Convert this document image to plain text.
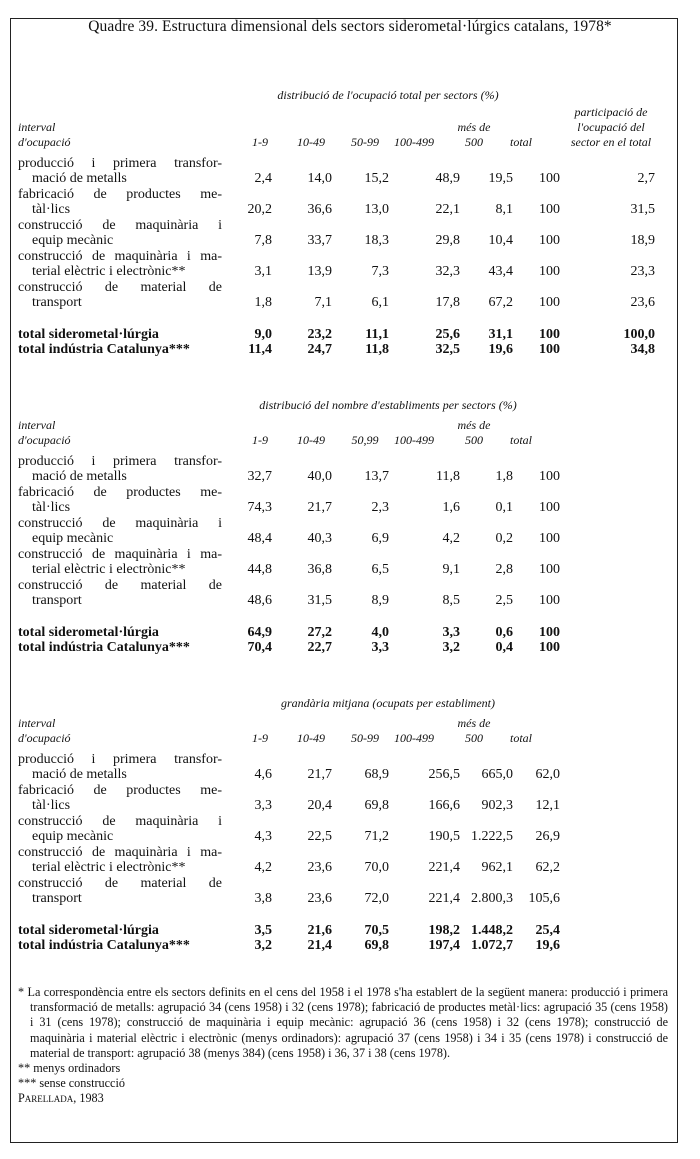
Quadre 39. Estructura dimensional dels sectors siderometal·lúrgics catalans, 1978*
distribució de l'ocupació total per sectors (%)
interval
d'ocupació	1-9	10-49	50-99	100-499
més de
500	total
participació de
l'ocupació del
sector en el total
producció i primera transfor-
mació de metalls	2,4	14,0 15,2	48,9 19,5 100	2,7
fabricació de productes me-
tàl·lics	20,2	36,6 13,0	22,1	8,1 100	31,5
construcció de maquinària i
equip mecànic	7,8	33,7 18,3	29,8 10,4 100	18,9
construcció de maquinària i ma-
terial elèctric i electrònic**	3,1	13,9	7,3	32,3 43,4 100	23,3
construcció de material de
transport	1,8	7,1	6,1	17,8 67,2 100	23,6
total siderometal·lúrgia	9,0	23,2 11,1	25,6 31,1 100	100,0
total indústria Catalunya***	11,4	24,7 11,8	32,5 19,6 100	34,8
distribució del nombre d'establiments per sectors (%)
interval
d'ocupació	1-9	10-49	50,99	100-499
més de
500	total
producció i primera transfor-
mació de metalls	32,7	40,0 13,7	11,8	1,8 100
fabricació de productes me-
tàl·lics	74,3	21,7	2,3	1,6	0,1 100
construcció de maquinària i
equip mecànic	48,4	40,3	6,9	4,2	0,2 100
construcció de maquinària i ma-
terial elèctric i electrònic**	44,8	36,8	6,5	9,1	2,8 100
construcció de material de
transport	48,6	31,5	8,9	8,5	2,5 100
total siderometal·lúrgia	64,9	27,2	4,0	3,3	0,6 100
total indústria Catalunya***	70,4	22,7	3,3	3,2	0,4 100
grandària mitjana (ocupats per establiment)
interval
d'ocupació	1-9	10-49	50-99	100-499
més de
500	total
producció i primera transfor-
mació de metalls	4,6	21,7 68,9	256,5 665,0 62,0
fabricació de productes me-
tàl·lics	3,3	20,4 69,8	166,6 902,3 12,1
construcció de maquinària i
equip mecànic	4,3	22,5 71,2	190,5 1.222,5 26,9
construcció de maquinària i ma-
terial elèctric i electrònic**	4,2	23,6 70,0	221,4 962,1 62,2
construcció de material de
transport	3,8	23,6 72,0	221,4 2.800,3 105,6
total siderometal·lúrgia	3,5	21,6 70,5	198,2 1.448,2 25,4
total indústria Catalunya***	3,2	21,4 69,8	197,4 1.072,7 19,6
* La correspondència entre els sectors definits en el cens del 1958 i el 1978 s'ha establert de la següent manera: producció i primera transformació de metalls: agrupació 34 (cens 1958) i 32 (cens 1978); fabricació de productes metàl·lics: agrupació 35 (cens 1958) i 31 (cens 1978); construcció de maquinària i equip mecànic: agrupació 36 (cens 1958) i 32 (cens 1978); construcció de maquinària i material elèctric i electrònic (menys ordinadors): agrupació 37 (cens 1958) i 34 i 35 (cens 1978) i construcció de material de transport: agrupació 38 (menys 384) (cens 1958) i 36, 37 i 38 (cens 1978).
** menys ordinadors
*** sense construcció
Parellada, 1983
